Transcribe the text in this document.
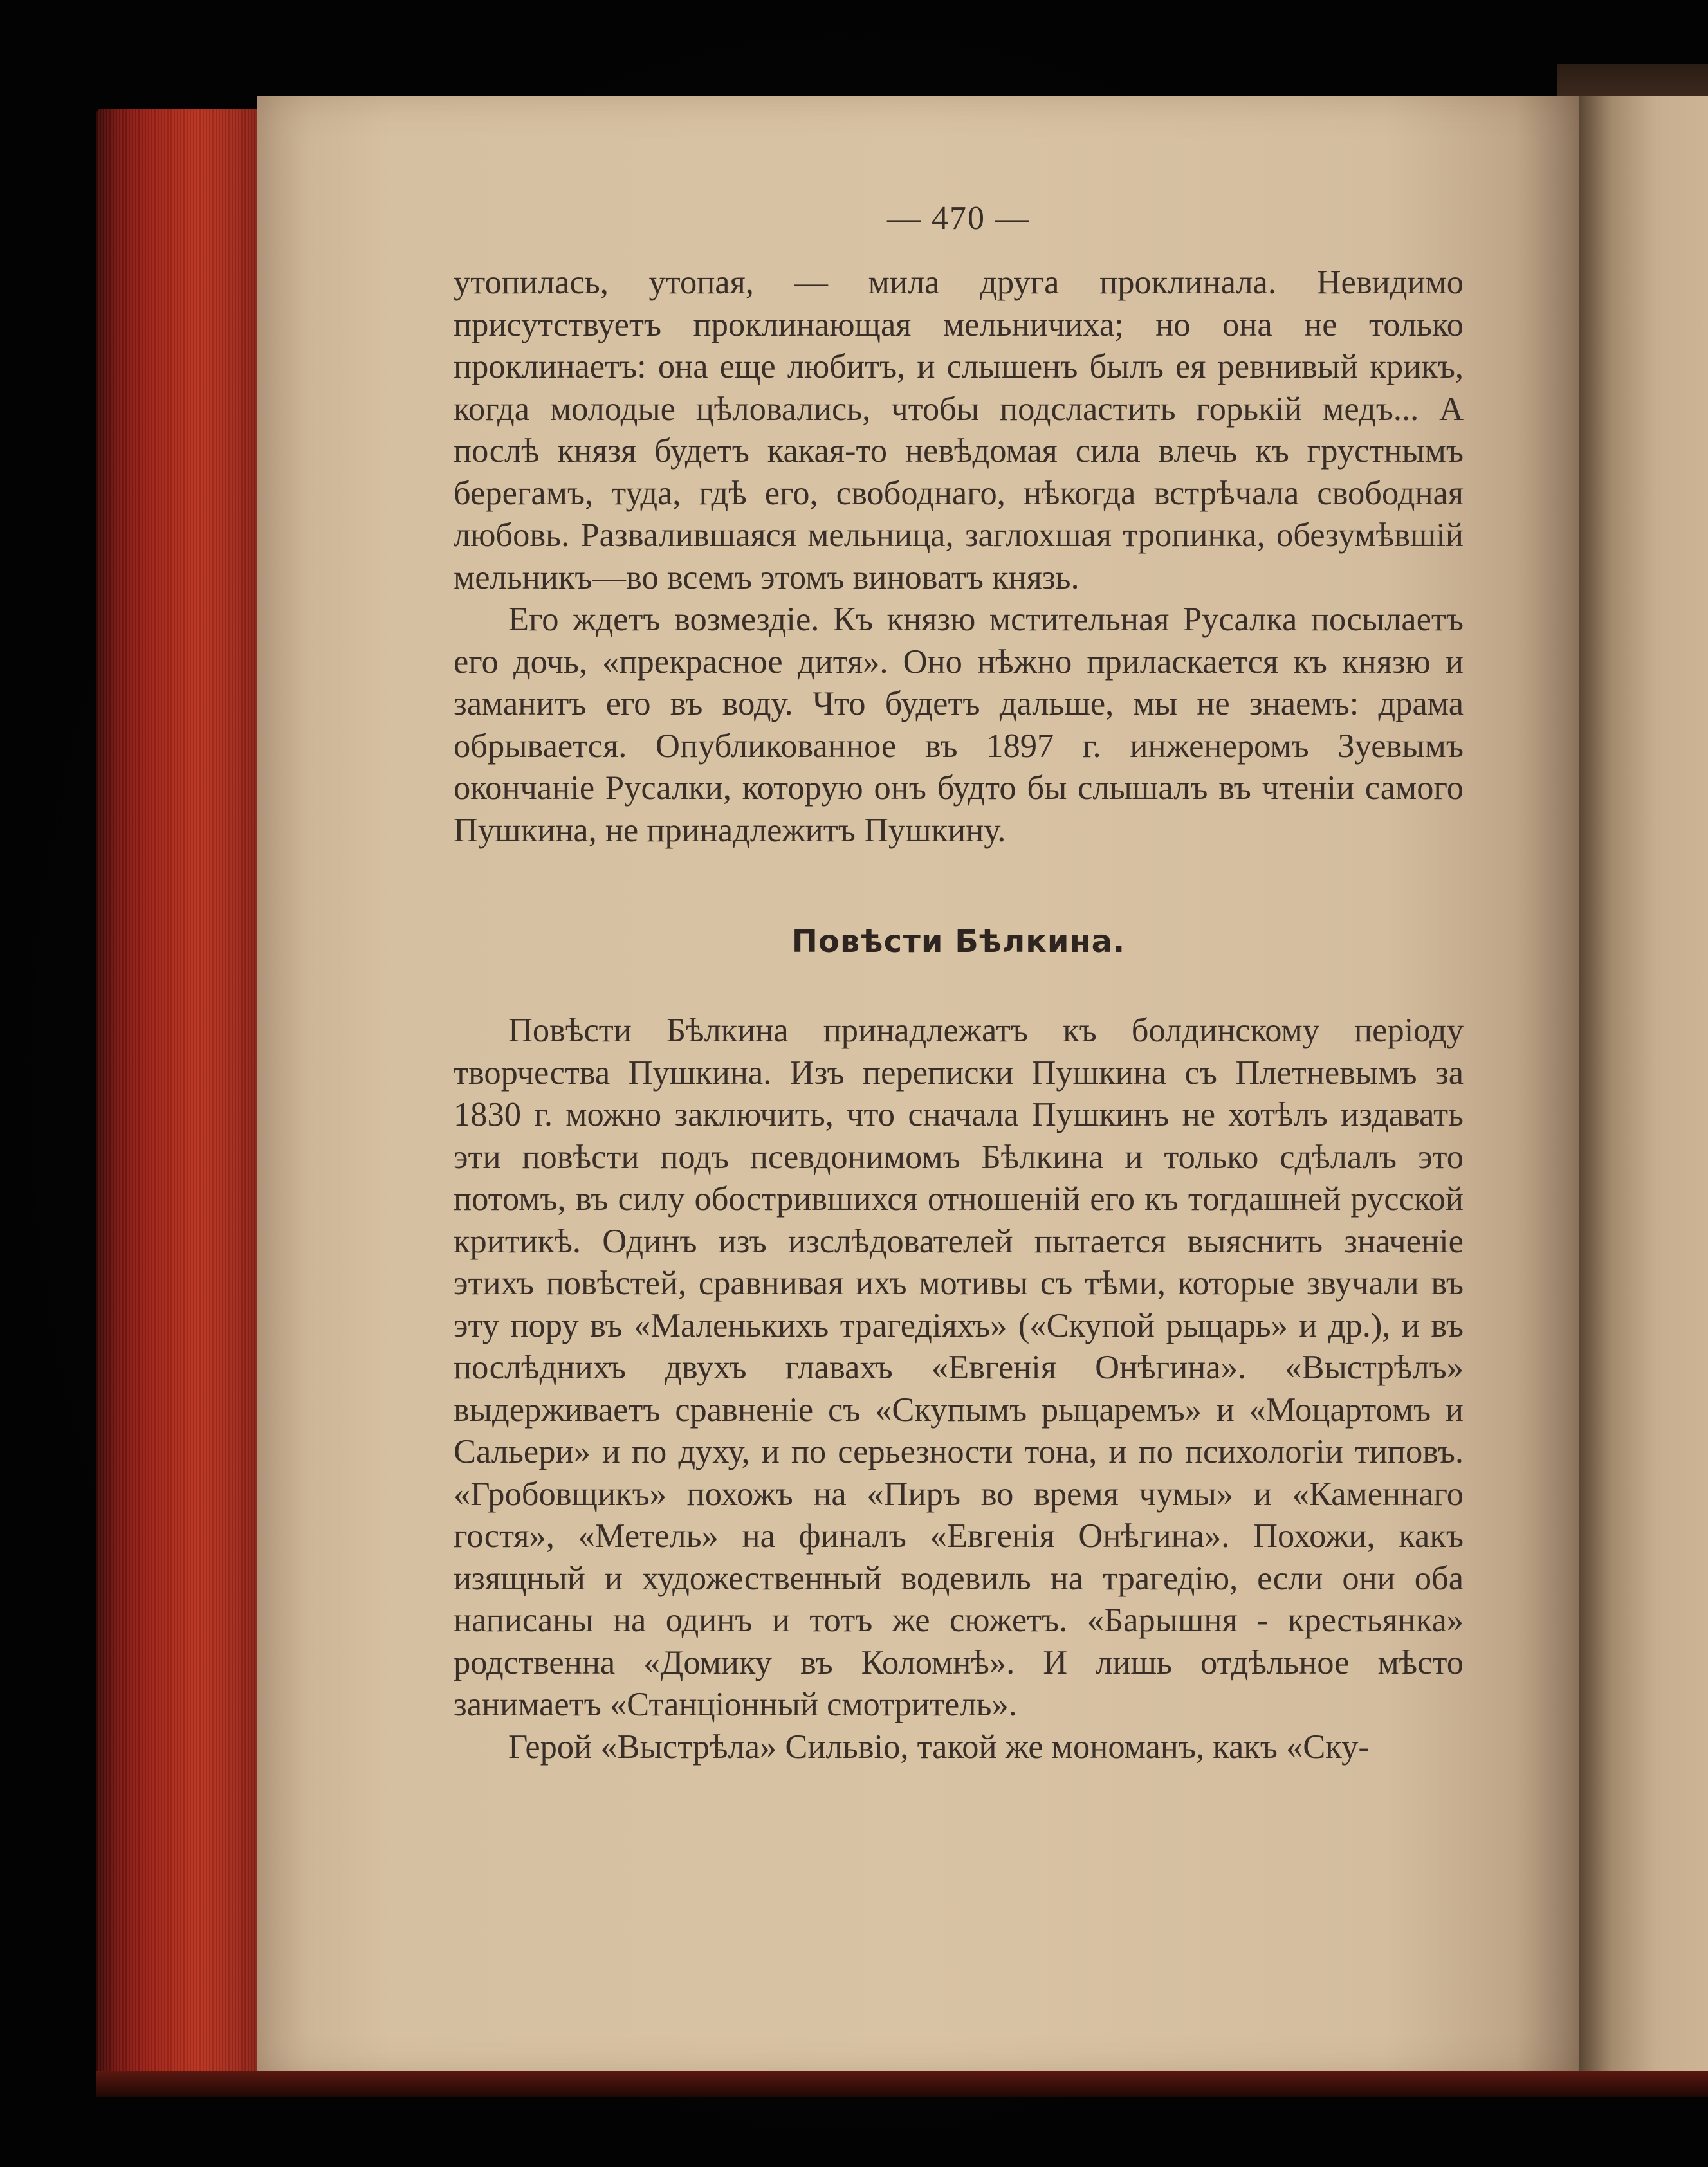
— 470 —

утопилась, утопая, — мила друга проклинала. Невидимо присутствуетъ проклинающая мельничиха; но она не только проклинаетъ: она еще любитъ, и слышенъ былъ ея ревнивый крикъ, когда молодые цѣловались, чтобы подсластить горькій медъ... А послѣ князя будетъ какая-то невѣдомая сила влечь къ грустнымъ берегамъ, туда, гдѣ его, свободнаго, нѣкогда встрѣчала свободная любовь. Развалившаяся мельница, заглохшая тропинка, обезумѣвшій мельникъ—во всемъ этомъ виноватъ князь.

Его ждетъ возмездіе. Къ князю мстительная Русалка посылаетъ его дочь, «прекрасное дитя». Оно нѣжно приласкается къ князю и заманитъ его въ воду. Что будетъ дальше, мы не знаемъ: драма обрывается. Опубликованное въ 1897 г. инженеромъ Зуевымъ окончаніе Русалки, которую онъ будто бы слышалъ въ чтеніи самого Пушкина, не принадлежитъ Пушкину.

Повѣсти Бѣлкина.

Повѣсти Бѣлкина принадлежатъ къ болдинскому періоду творчества Пушкина. Изъ переписки Пушкина съ Плетневымъ за 1830 г. можно заключить, что сначала Пушкинъ не хотѣлъ издавать эти повѣсти подъ псевдонимомъ Бѣлкина и только сдѣлалъ это потомъ, въ силу обострившихся отношеній его къ тогдашней русской критикѣ. Одинъ изъ изслѣдователей пытается выяснить значеніе этихъ повѣстей, сравнивая ихъ мотивы съ тѣми, которые звучали въ эту пору въ «Маленькихъ трагедіяхъ» («Скупой рыцарь» и др.), и въ послѣднихъ двухъ главахъ «Евгенія Онѣгина». «Выстрѣлъ» выдерживаетъ сравненіе съ «Скупымъ рыцаремъ» и «Моцартомъ и Сальери» и по духу, и по серьезности тона, и по психологіи типовъ. «Гробовщикъ» похожъ на «Пиръ во время чумы» и «Каменнаго гостя», «Метель» на финалъ «Евгенія Онѣгина». Похожи, какъ изящный и художественный водевиль на трагедію, если они оба написаны на одинъ и тотъ же сюжетъ. «Барышня - крестьянка» родственна «Домику въ Коломнѣ». И лишь отдѣльное мѣсто занимаетъ «Станціонный смотритель».

Герой «Выстрѣла» Сильвіо, такой же мономанъ, какъ «Ску-
